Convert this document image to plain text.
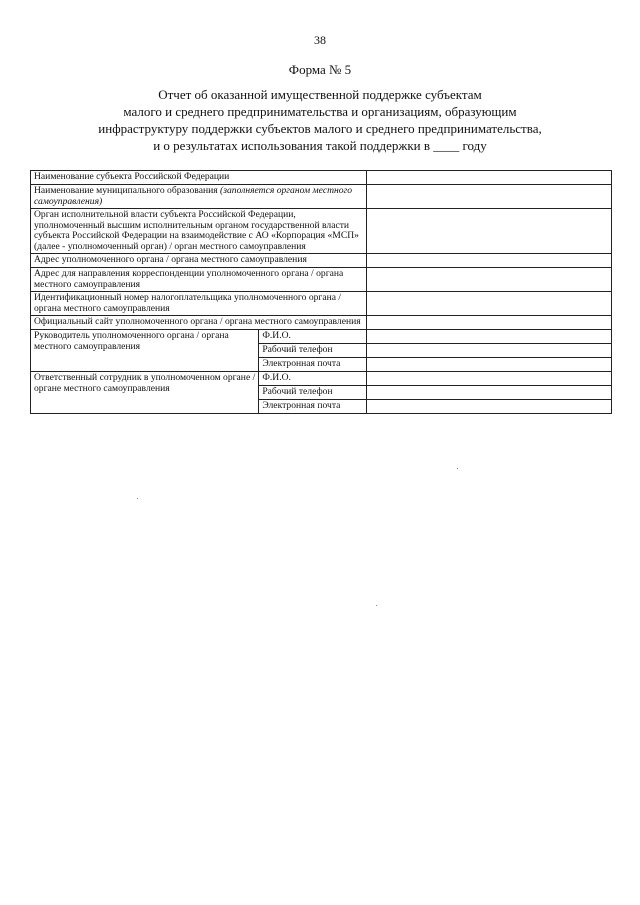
38
Форма № 5
Отчет об оказанной имущественной поддержке субъектам
малого и среднего предпринимательства и организациям, образующим
инфраструктуру поддержки субъектов малого и среднего предпринимательства,
и о результатах использования такой поддержки в ____ году
Наименование субъекта Российской Федерации		
Наименование муниципального образования (заполняется органом местного самоуправления)		
Орган исполнительной власти субъекта Российской Федерации, уполномоченный высшим исполнительным органом государственной власти субъекта Российской Федерации на взаимодействие с АО «Корпорация «МСП» (далее - уполномоченный орган) / орган местного самоуправления		
Адрес уполномоченного органа / органа местного самоуправления		
Адрес для направления корреспонденции уполномоченного органа / органа местного самоуправления		
Идентификационный номер налогоплательщика уполномоченного органа / органа местного самоуправления		
Официальный сайт уполномоченного органа / органа местного самоуправления		
Руководитель уполномоченного органа / органа местного самоуправления	Ф.И.О.	
	Рабочий телефон	
	Электронная почта	
Ответственный сотрудник в уполномоченном органе / органе местного самоуправления	Ф.И.О.	
	Рабочий телефон	
	Электронная почта	
